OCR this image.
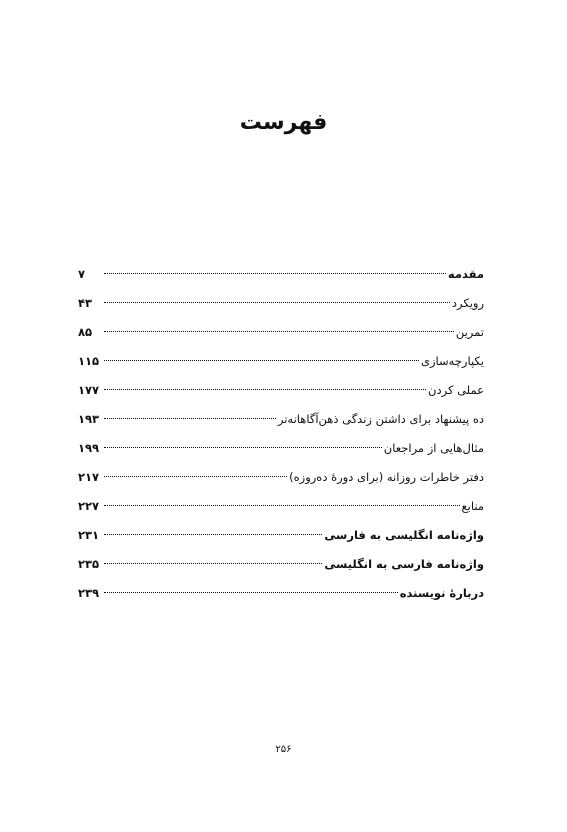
فهرست
مقدمه
۷
رویکرد
۴۳
تمرین
۸۵
یکپارچه‌سازی
۱۱۵
عملی کردن
۱۷۷
ده پیشنهاد برای داشتن زندگی ذهن‌آگاهانه‌تر
۱۹۳
مثال‌هایی از مراجعان
۱۹۹
دفتر خاطرات روزانه (برای دورهٔ ده‌روزه)
۲۱۷
منابع
۲۲۷
واژه‌نامه انگلیسی به فارسی
۲۳۱
واژه‌نامه فارسی به انگلیسی
۲۳۵
دربارهٔ نویسنده
۲۳۹
۲۵۶
